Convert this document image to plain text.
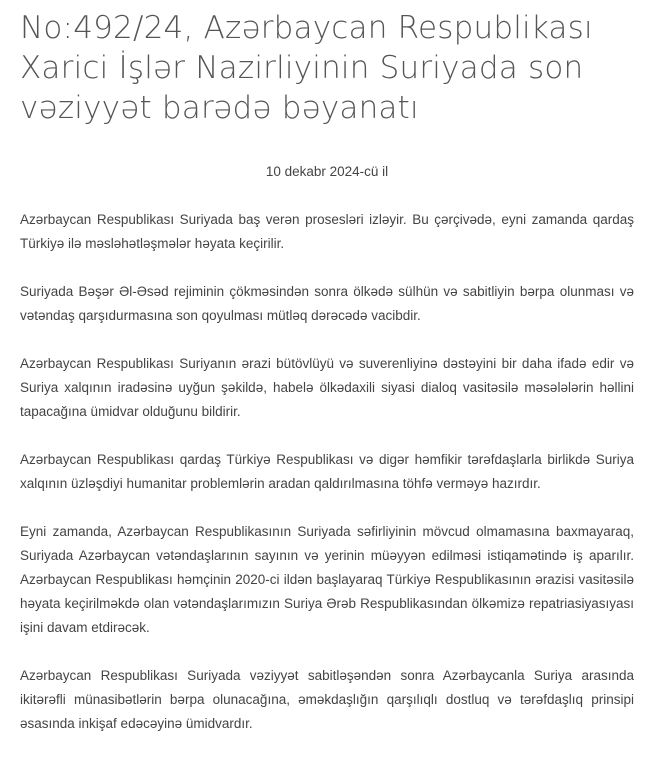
No:492/24, Azərbaycan Respublikası Xarici İşlər Nazirliyinin Suriyada son vəziyyət barədə bəyanatı
10 dekabr 2024-cü il

Azərbaycan Respublikası Suriyada baş verən prosesləri izləyir. Bu çərçivədə, eyni zamanda qardaş Türkiyə ilə məsləhətləşmələr həyata keçirilir.

Suriyada Bəşər Əl-Əsəd rejiminin çökməsindən sonra ölkədə sülhün və sabitliyin bərpa olunması və vətəndaş qarşıdurmasına son qoyulması mütləq dərəcədə vacibdir.

Azərbaycan Respublikası Suriyanın ərazi bütövlüyü və suverenliyinə dəstəyini bir daha ifadə edir və Suriya xalqının iradəsinə uyğun şəkildə, habelə ölkədaxili siyasi dialoq vasitəsilə məsələlərin həllini tapacağına ümidvar olduğunu bildirir.

Azərbaycan Respublikası qardaş Türkiyə Respublikası və digər həmfikir tərəfdaşlarla birlikdə Suriya xalqının üzləşdiyi humanitar problemlərin aradan qaldırılmasına töhfə verməyə hazırdır.

Eyni zamanda, Azərbaycan Respublikasının Suriyada səfirliyinin mövcud olmamasına baxmayaraq, Suriyada Azərbaycan vətəndaşlarının sayının və yerinin müəyyən edilməsi istiqamətində iş aparılır. Azərbaycan Respublikası həmçinin 2020-ci ildən başlayaraq Türkiyə Respublikasının ərazisi vasitəsilə həyata keçirilməkdə olan vətəndaşlarımızın Suriya Ərəb Respublikasından ölkəmizə repatriasiyasıyası işini davam etdirəcək.

Azərbaycan Respublikası Suriyada vəziyyət sabitləşəndən sonra Azərbaycanla Suriya arasında ikitərəfli münasibətlərin bərpa olunacağına, əməkdaşlığın qarşılıqlı dostluq və tərəfdaşlıq prinsipi əsasında inkişaf edəcəyinə ümidvardır.
